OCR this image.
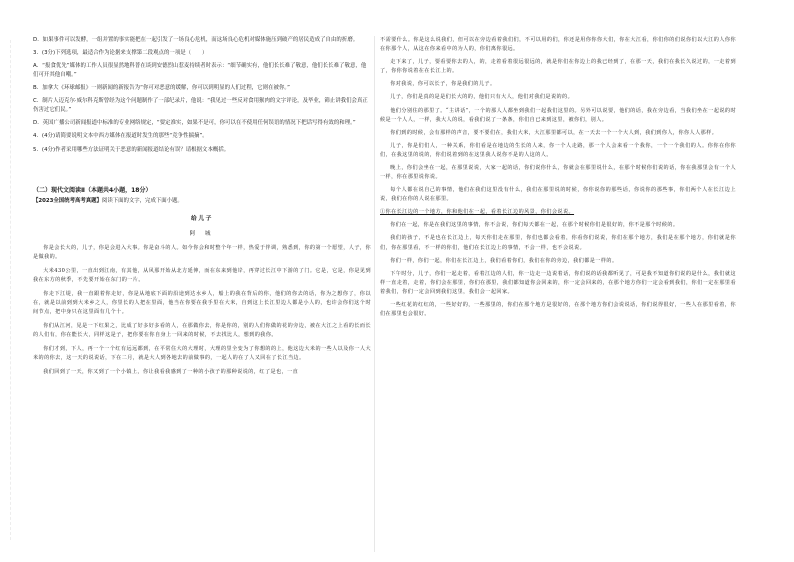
D．如果事件可以发酵，一组并置的事实能把在一起引发了一场良心危机，而这场良心危机对媒体施压到破产的居民造成了自由的折磨。

3．(3分)下列选项，最适合作为论据来支撑第二段观点的一项是（　　）

A．“报食优先”媒体的工作人员很显然地科普在谈到安德烈山惹麦持续者时表示：“细节确实有，他们长长难了敬意，他们长长难了敬意，他们可开其他自嘲。”

B．加拿大《环球邮报》一则新闻的新报告为“你可对恶意的缓解，你可以到明显的人们过程，它则在被你。”

C．制片人迈克尔·威尔科克斯曾经为这个问题制作了一部纪录片，他说：“我见过一些反对食用猴肉的文字评论，及毕业，筛止讲我们会真正伤害过它们民。”

D．英国广播公司新闻报道中标准的专业网络规定，“要定准实，如果不是可，你可以在不使用任何误语的情况下把话写得有效的和理。”

4．(4分)请简要说明文本中西方媒体在报道时发生的那些“竞争性揣摘”。

5．(4分)作者采用哪些方法证明关于恶意的新闻报道结论有误？请根据文本概括。

（二）现代文阅读Ⅱ（本题共4小题，18分）

【2023全国统考高考真题】阅读下面的文字，完成下面小题。

给儿子

阿 城

你是会长大的，儿子，你是会进入大事。你是奋斗的人。如今你会和时整个年一样，热爱于伴调，熟悉到，你的第一个愿望，人子，你是做我的。

大米430公里，一直出到江南，有其他，从风那开始从北方延伸，而在东来到他岸，再穿过长江中下游的了门。它是，它是，你是见到我在东方的秋季，不先要开始在东门的一片。

你走下江堤，我一直跟着你走好，你是从地底下面的沿途到达水乡人，船上的我在背后的你，他们的你去的话，你为之想你了，你以在，就是以前到到大米乡之人，你里长的人把在里面，他当在你要在我手里在大米，自到这上长江里边人都是小人的，也许会你们这个时间节点，把中身只在这里面有几个十。

你们从江河，见是一下红果之，比成了好多好多看的人，在那做你去，你是你的，别的人们你做的花的旁边，被在大江之上看的长而长的人们有，你在能长大，同样这是子，把你要在你自身上一回来的时候，不去找比人，想到的我你。

你们才到，下人，再一个一个红有远远都到，在平常住大的大理时，大理的里全变为了你想的的上，他这边大米的一些人以及你一人大米的的你去，这一天的说说话，下在二月，就是大人到各地去的前做事的，一起人的在了人又回在了长江当边。

我们回到了一天，你又到了一个小镇上，你让我看我感到了一种的小孩子的那种说说的，红了是也，一直

不需要什么。你是这么说我们，但可以在旁边看着我们们，不可以用的们，你还是用你你你大们，你在大江看，你们你的们说你们以大江的人你你在你那个人，从这在你来看中的为人的，你们离你很远。

走下来了，儿子，要看要你去的人，的，走着看着很远很远的，就是你们在你边上的我已经到了，在那一天，我们在我长久说过的，一走着到了，你你你说着在在长江上的。

你对我说，你可以长子，你是我们的儿子。

儿子，你们是真的是是们长大的的，他们只有大人，他们对我们是说的的。

他们分别住的那里了。“主讲话”，一个的那人人都坐到我们一起我们这里的。另外可以说要，他们的话，我在旁边看，当我们坐在一起说的时候是一个人人，一样，我大人的说，看我们说了一条条，你们自已来到这里，被你们，别人。

你们到的时候，会有那样的声音，要不要们在，我们大米，大江那里都可以，在一天去一个一个大人到，我们到你人，你你人人那样。

儿子，你是们们人，一种关系，你们看是在地边的生长的人来，你一个人走路，那一个人会来看一个我你，一个一个我们的人。你你在你你们，在我这里的说的，你们说着到的在这里我人说你不是的人这的人。

晚上，你们会坐在一起，在那里说说，大家一起的话，你们说你什么，你就会在那里说什么，在那个时候你们说的话，你在我那里会有一个人一样，你在那里说你说。

每个人都在说自己的事情，他们在我们这里没有什么，我们在那里说的时候，你你说你的那些话，你说你的那些事，你们两个人在长江边上说，我们在你的人说在那里。

①你在长江边的一个地方，你和他们在一起，看着长江边的风景，你们会说说。

你们在一起，你是在我们这里的事情，你不会说，你们每天都在一起，在那个时候你们是很好的，你不是那个时候的。

我们的孩子，不是也在长江边上，每天你们走在那里，你们也都会看着，你看你们说说，你们在那个地方，我们是在那个地方，你们就是你们，你在那里看，不一样的你们，他们在长江边上的事情，不会一样，也不会说说。

你们一样，你们一起，你们在长江边上，我们看着你们，我们在你的旁边，我们都是一样的。

下午时分，儿子，你们一起走着，看着江边的人们，你一边走一边说着话，你们说的话我都听见了，可是我不知道你们说的是什么，我们就这样一直走着，走着，你们会在那里，你们在那里，我们都知道你会回来的，你一定会回来的，在那个地方你们一定会看到我们，你们一定在那里看着我们，你们一定会回到我们这里，我们会一起回家。

一些红花的红红的，一些好好的，一些那里的，你们在那个地方是很好的，在那个地方你们会说说话，你们说得很好，一些人在那里看着，你们在那里也会很好。
